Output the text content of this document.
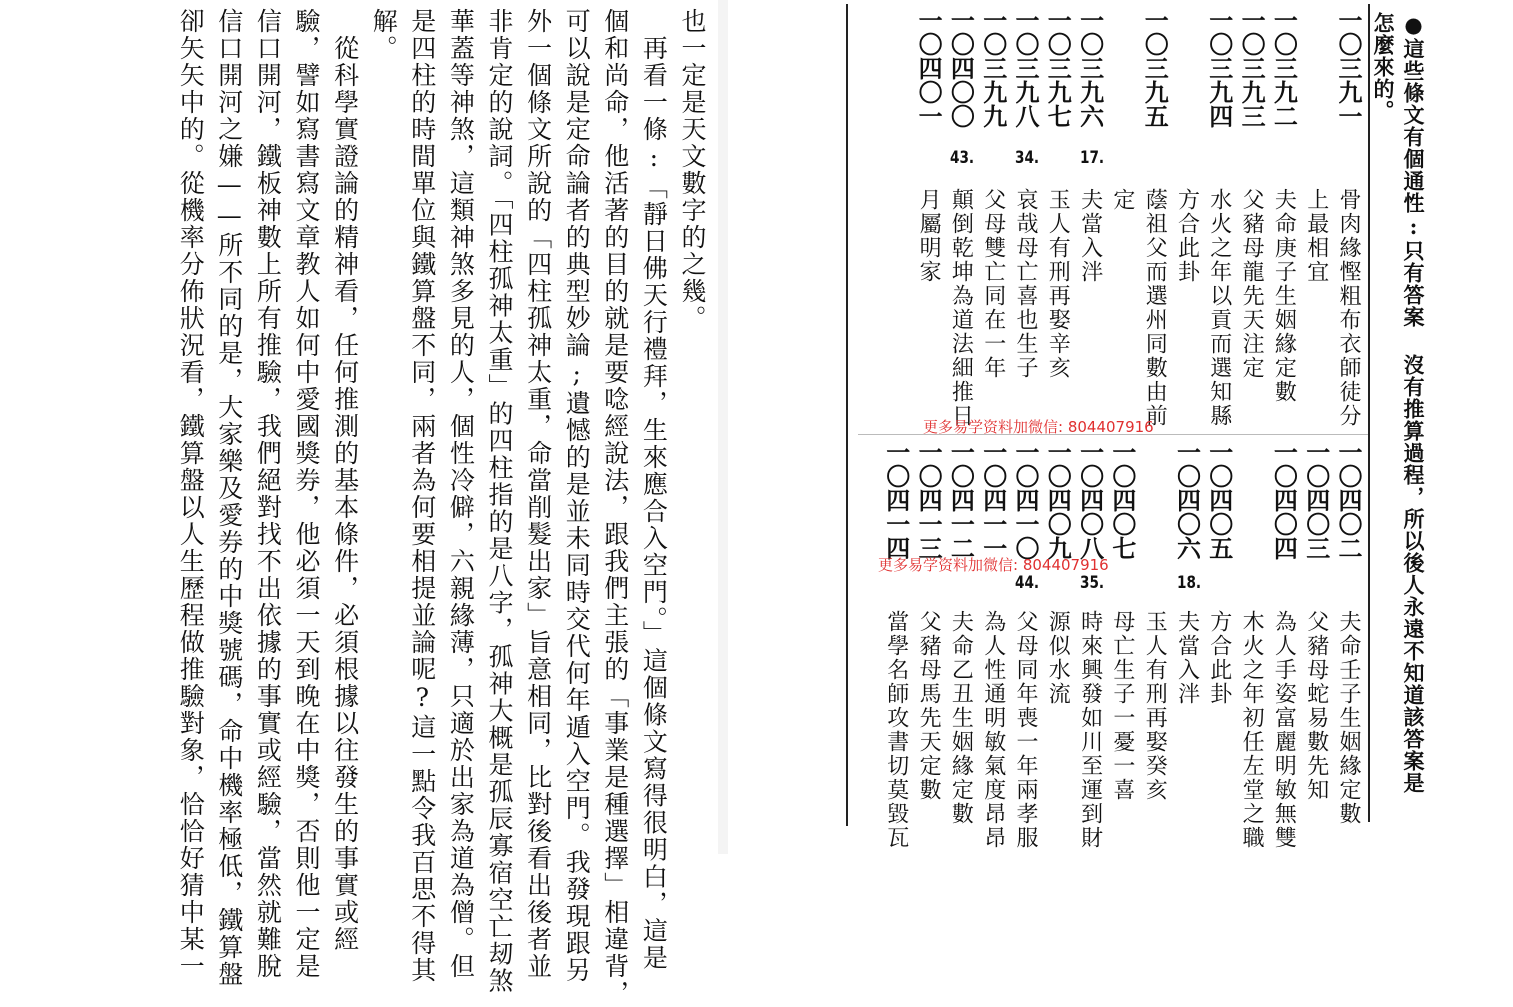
也一定是天文數字的之幾。
　再看一條:「靜日佛天行禮拜，生來應合入空門。」這個條文寫得很明白，這是
個和尚命，他活著的目的就是要唸經說法，跟我們主張的「事業是種選擇」相違背，
可以說是定命論者的典型妙論;遺憾的是並未同時交代何年遁入空門。我發現跟另
外一個條文所說的「四柱孤神太重，命當削髮出家」旨意相同，比對後看出後者並
非肯定的說詞。「四柱孤神太重」的四柱指的是八字，孤神大概是孤辰寡宿空亡刼煞
華蓋等神煞，這類神煞多見的人，個性冷僻，六親緣薄，只適於出家為道為僧。但
是四柱的時間單位與鐵算盤不同，兩者為何要相提並論呢?這一點令我百思不得其
解。
　從科學實證論的精神看，任何推測的基本條件，必須根據以往發生的事實或經
驗，譬如寫書寫文章教人如何中愛國獎券，他必須一天到晚在中獎，否則他一定是
信口開河，鐵板神數上所有推驗，我們絕對找不出依據的事實或經驗，當然就難脫
信口開河之嫌——所不同的是，大家樂及愛券的中獎號碼，命中機率極低，鐵算盤
卻矢矢中的。從機率分佈狀況看，鐵算盤以人生歷程做推驗對象，恰恰好猜中某一	●這些條文有個通性:只有答案 沒有推算過程，所以後人永遠不知道該答案是
怎麼來的。
一〇三九一
骨肉緣慳粗布衣師徒分
上最相宜
一〇三九二
夫命庚子生姻緣定數
一〇三九三
父豬母龍先天注定
一〇三九四
水火之年以貢而選知縣
方合此卦
一〇三九五
蔭祖父而選州同數由前
定
一〇三九六
夫當入泮
一〇三九七
玉人有刑再娶辛亥
一〇三九八
哀哉母亡喜也生子
一〇三九九
父母雙亡同在一年
一〇四〇〇
顛倒乾坤為道法細推日
一〇四〇一
月屬明家
17.
34.
43.
一〇四〇二
夫命壬子生姻緣定數
一〇四〇三
父豬母蛇易數先知
一〇四〇四
為人手姿富麗明敏無雙
木火之年初任左堂之職
一〇四〇五
方合此卦
一〇四〇六
夫當入泮
玉人有刑再娶癸亥
一〇四〇七
母亡生子一憂一喜
一〇四〇八
時來興發如川至運到財
一〇四〇九
源似水流
一〇四一〇
父母同年喪一年兩孝服
一〇四一一
為人性通明敏氣度昂昂
一〇四一二
夫命乙丑生姻緣定數
一〇四一三
父豬母馬先天定數
一〇四一四
當學名師攻書切莫毀瓦
18.
35.
44.
更多易学资料加微信: 804407916
更多易学资料加微信: 804407916
